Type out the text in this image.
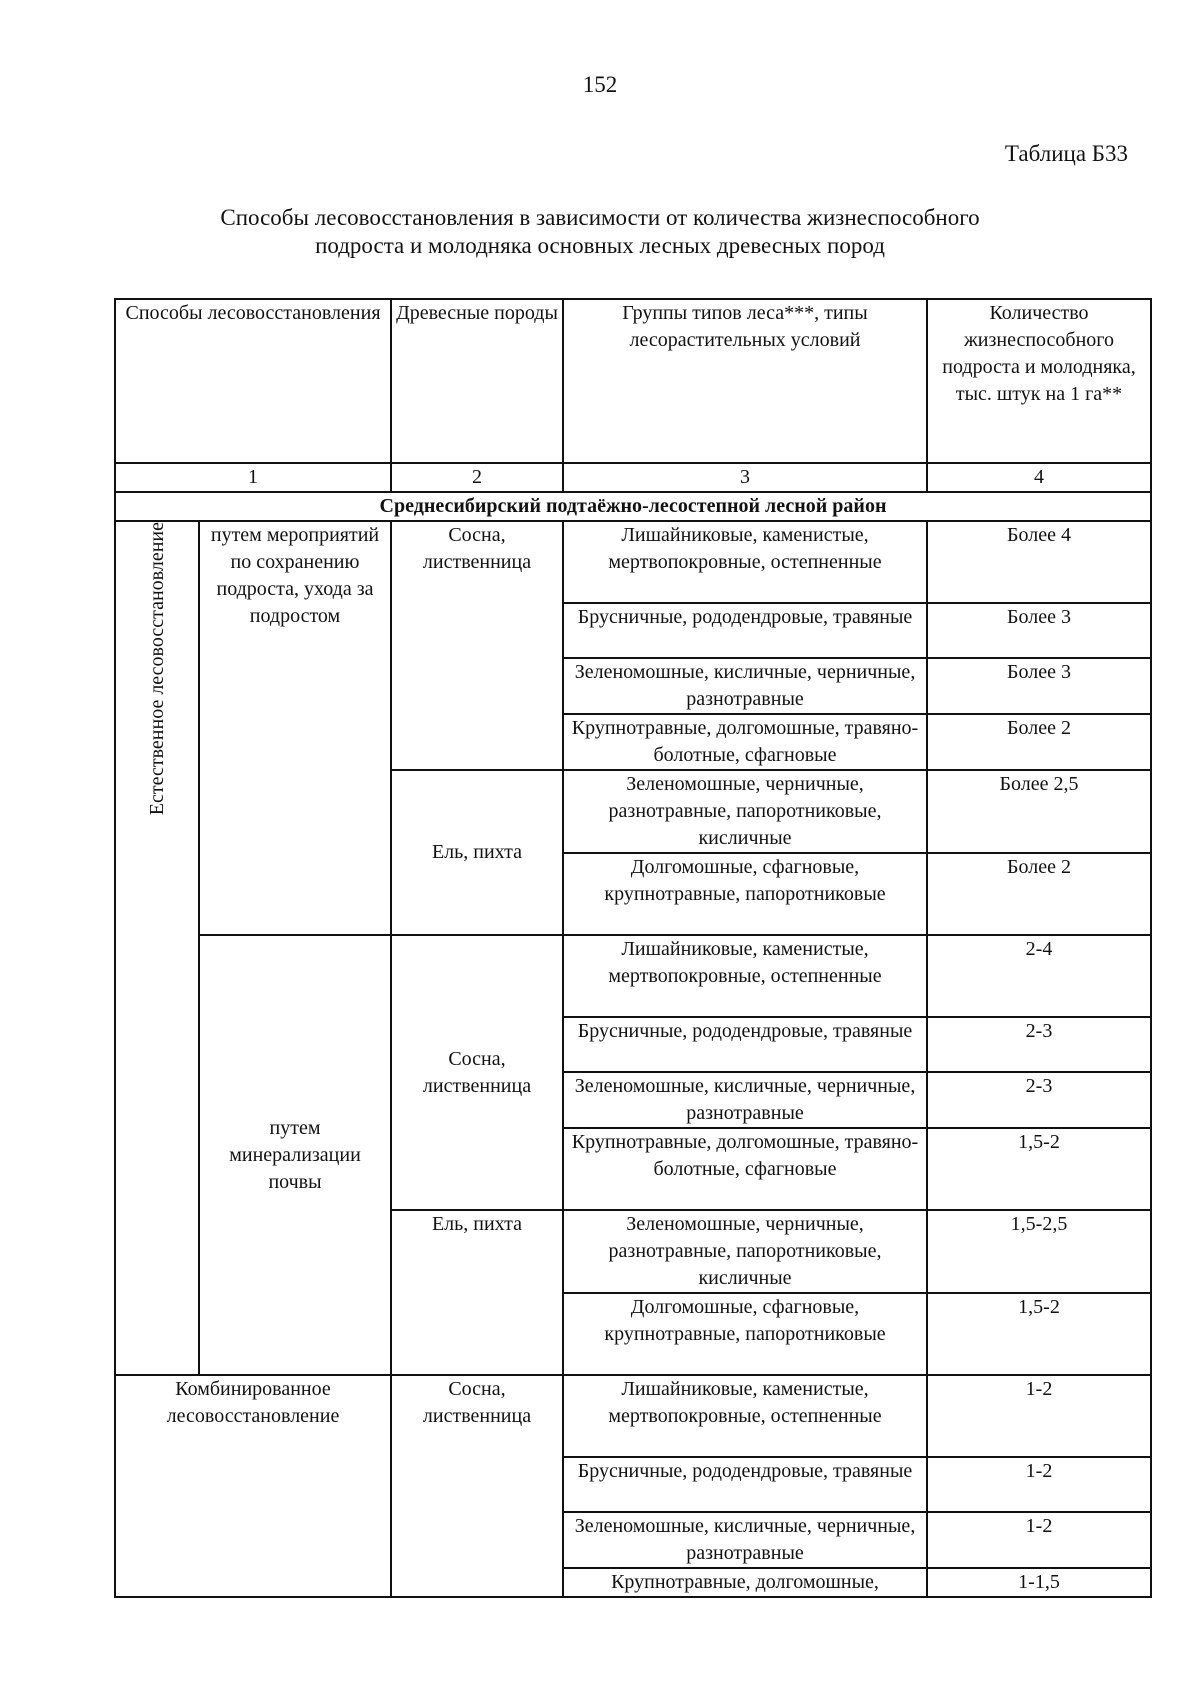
152
Таблица Б33
Способы лесовосстановления в зависимости от количества жизнеспособного
подроста и молодняка основных лесных древесных пород
Способы лесовосстановления		Древесные породы	Группы типов леса***, типы лесорастительных условий	Количество жизнеспособного подроста и молодняка, тыс. штук на 1 га**
1		2	3	4
Среднесибирский подтаёжно-лесостепной лесной район				

Естественное лесовосстановление	путем мероприятий по сохранению подроста, ухода за подростом	Сосна, лиственница	Лишайниковые, каменистые, мертвопокровные, остепненные	Более 4
			Брусничные, рододендровые, травяные	Более 3
			Зеленомошные, кисличные, черничные, разнотравные	Более 3
			Крупнотравные, долгомошные, травяно-болотные, сфагновые	Более 2
		Ель, пихта	Зеленомошные, черничные, разнотравные, папоротниковые, кисличные	Более 2,5
			Долгомошные, сфагновые, крупнотравные, папоротниковые	Более 2
	путем минерализации почвы	Сосна, лиственница	Лишайниковые, каменистые, мертвопокровные, остепненные	2-4
			Брусничные, рододендровые, травяные	2-3
			Зеленомошные, кисличные, черничные, разнотравные	2-3
			Крупнотравные, долгомошные, травяно- болотные, сфагновые	1,5-2
		Ель, пихта	Зеленомошные, черничные, разнотравные, папоротниковые, кисличные	1,5-2,5
			Долгомошные, сфагновые, крупнотравные, папоротниковые	1,5-2
Комбинированное лесовосстановление		Сосна, лиственница	Лишайниковые, каменистые, мертвопокровные, остепненные	1-2
			Брусничные, рододендровые, травяные	1-2
			Зеленомошные, кисличные, черничные, разнотравные	1-2
			Крупнотравные, долгомошные,	1-1,5
